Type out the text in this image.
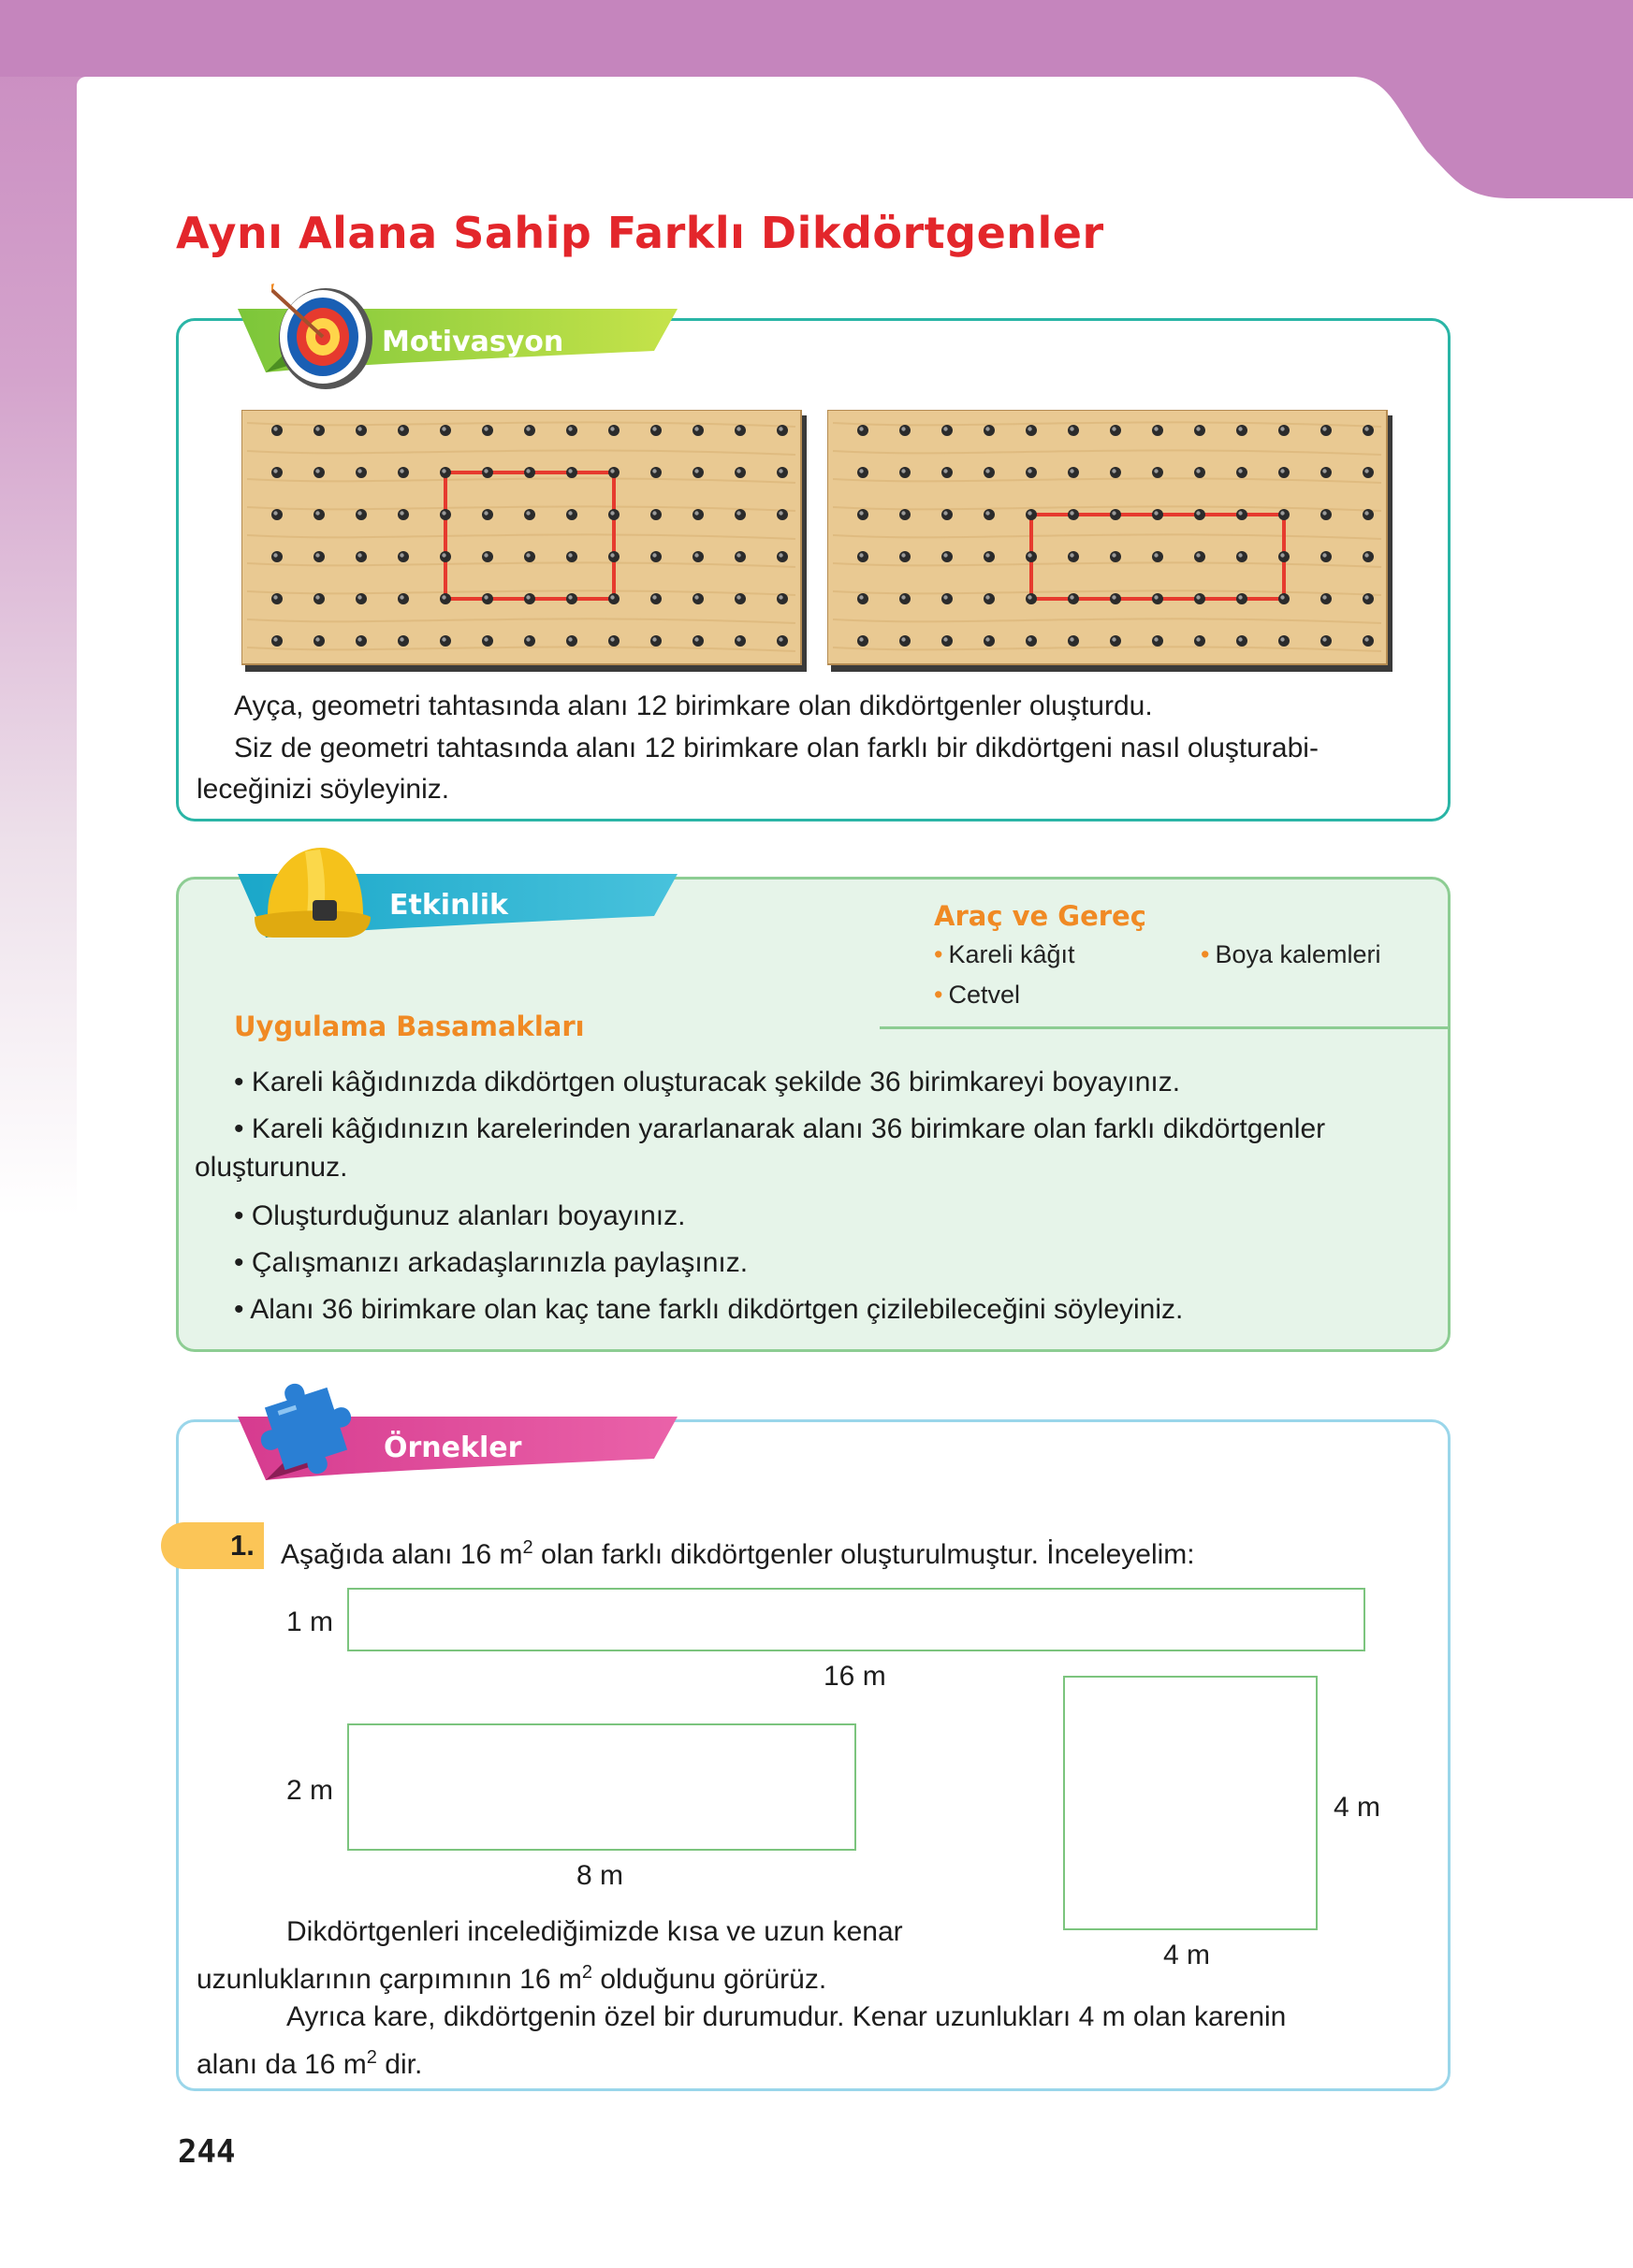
Aynı Alana Sahip Farklı Dikdörtgenler
Motivasyon

Ayça, geometri tahtasında alanı 12 birimkare olan dikdörtgenler oluşturdu.

Siz de geometri tahtasında alanı 12 birimkare olan farklı bir dikdörtgeni nasıl oluşturabi-

leceğinizi söyleyiniz.

Etkinlik	Araç ve Gereç
• Kareli kâğıt	• Boya kalemleri
• Cetvel
Uygulama Basamakları
• Kareli kâğıdınızda dikdörtgen oluşturacak şekilde 36 birimkareyi boyayınız.
• Kareli kâğıdınızın karelerinden yararlanarak alanı 36 birimkare olan farklı dikdörtgenler
oluşturunuz.
• Oluşturduğunuz alanları boyayınız.
• Çalışmanızı arkadaşlarınızla paylaşınız.
• Alanı 36 birimkare olan kaç tane farklı dikdörtgen çizilebileceğini söyleyiniz.
Örnekler
1. Aşağıda alanı 16 $m^2$ olan farklı dikdörtgenler oluşturulmuştur. İnceleyelim:

1 m
16 m
2 m
8 m
4 m
4 m

Dikdörtgenleri incelediğimizde kısa ve uzun kenar

uzunluklarının çarpımının 16 $m^2$ olduğunu görürüz.

Ayrıca kare, dikdörtgenin özel bir durumudur. Kenar uzunlukları 4 m olan karenin

alanı da 16 $m^2$ dir.

244
